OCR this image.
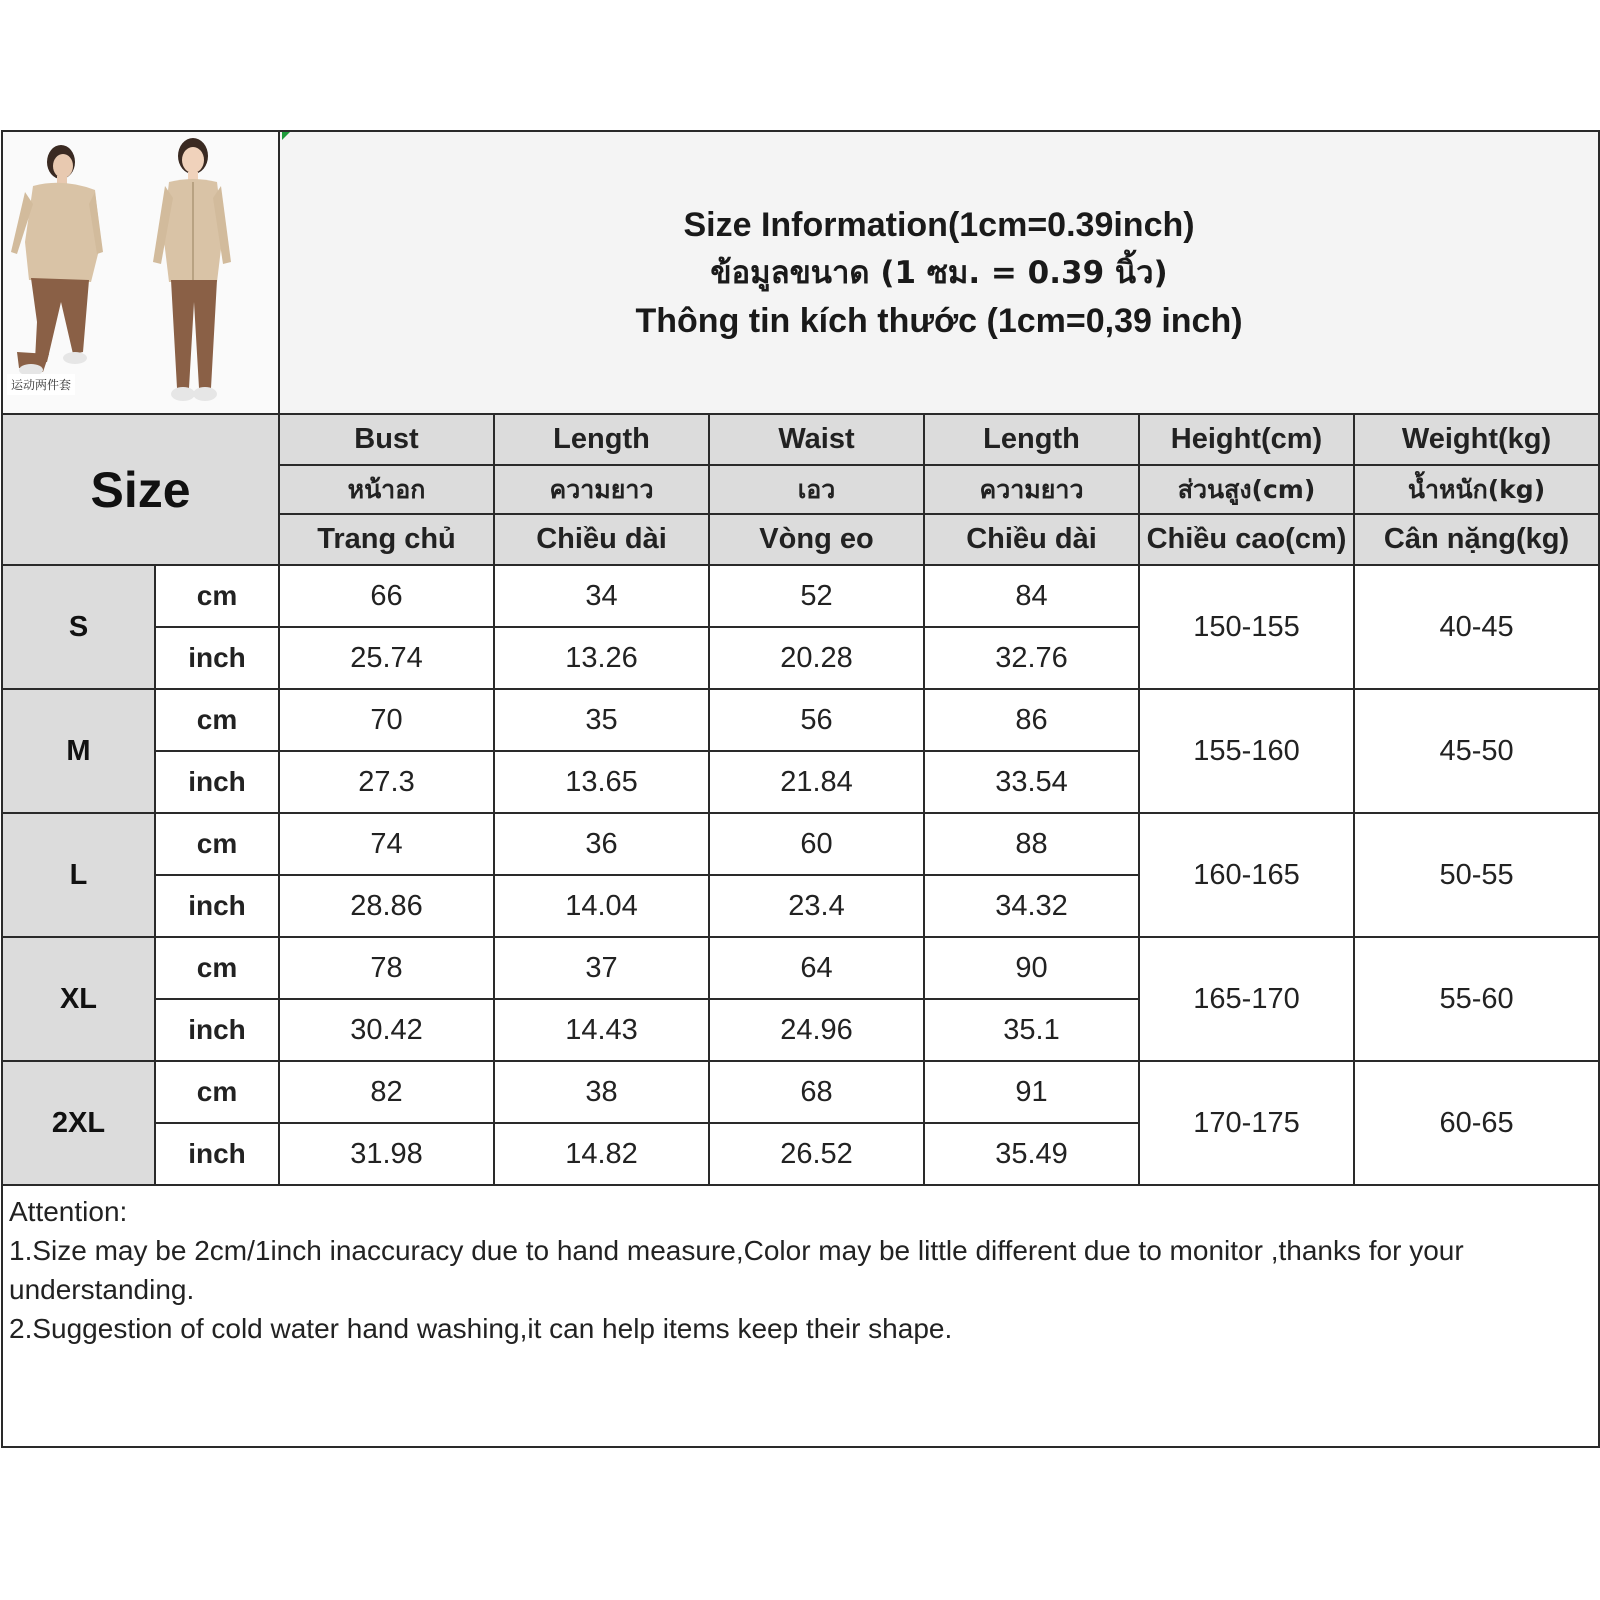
运动两件套		Size Information(1cm=0.39inch)
ข้อมูลขนาด (1 ซม. = 0.39 นิ้ว)
Thông tin kích thước (1cm=0,39 inch)					

Size		Bust	Length	Waist	Length	Height(cm)	Weight(kg)
		หน้าอก	ความยาว	เอว	ความยาว	ส่วนสูง(cm)	น้ำหนัก(kg)
		Trang chủ	Chiều dài	Vòng eo	Chiều dài	Chiều cao(cm)	Cân nặng(kg)
S	cm	66	34	52	84	150-155	40-45
	inch	25.74	13.26	20.28	32.76		
M	cm	70	35	56	86	155-160	45-50
	inch	27.3	13.65	21.84	33.54		
L	cm	74	36	60	88	160-165	50-55
	inch	28.86	14.04	23.4	34.32		
XL	cm	78	37	64	90	165-170	55-60
	inch	30.42	14.43	24.96	35.1		
2XL	cm	82	38	68	91	170-175	60-65
	inch	31.98	14.82	26.52	35.49		

Attention:
1.Size may be 2cm/1inch inaccuracy due to hand measure,Color may be little different due to monitor ,thanks for your understanding.
2.Suggestion of cold water hand washing,it can help items keep their shape.							
